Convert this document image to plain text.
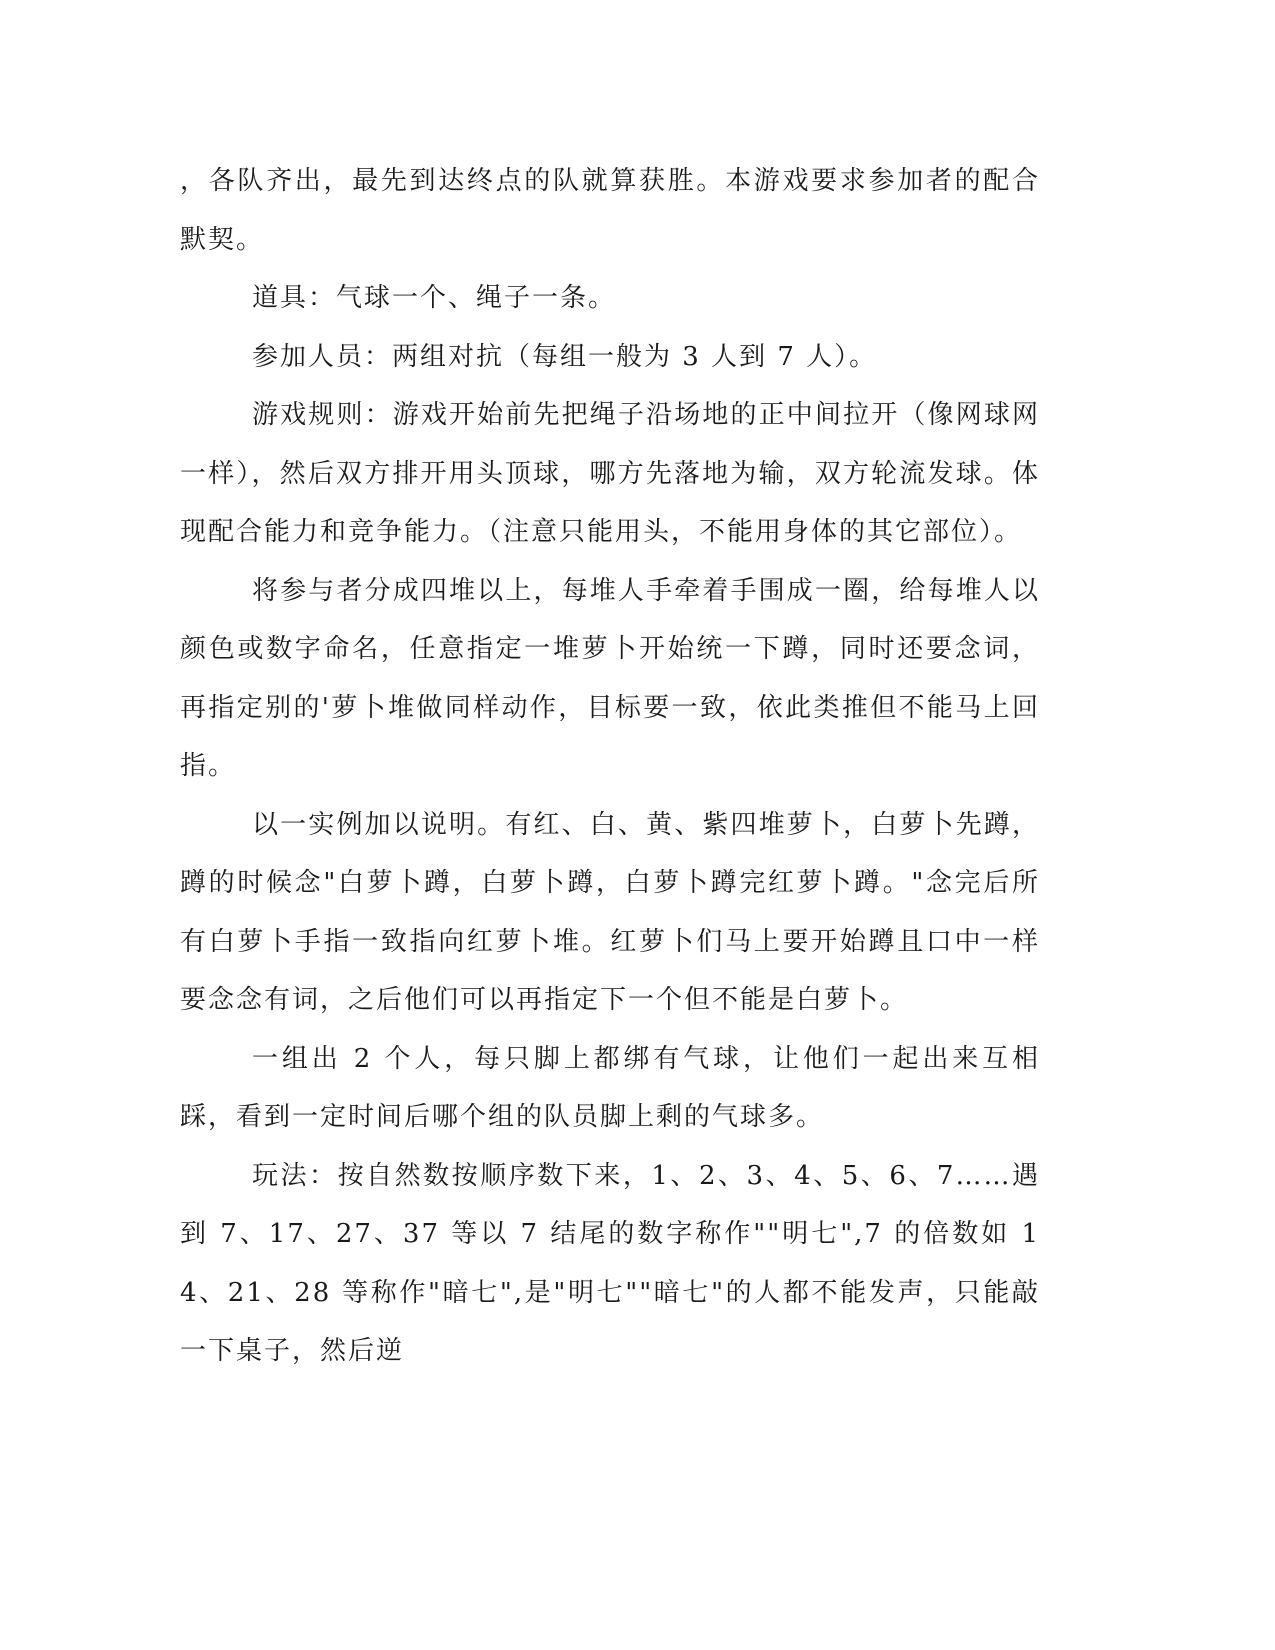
，各队齐出，最先到达终点的队就算获胜。本游戏要求参加者的配合默契。

道具：气球一个、绳子一条。

参加人员：两组对抗（每组一般为 3 人到 7 人）。

游戏规则：游戏开始前先把绳子沿场地的正中间拉开（像网球网一样），然后双方排开用头顶球，哪方先落地为输，双方轮流发球。体现配合能力和竞争能力。（注意只能用头，不能用身体的其它部位）。

将参与者分成四堆以上，每堆人手牵着手围成一圈，给每堆人以颜色或数字命名，任意指定一堆萝卜开始统一下蹲，同时还要念词，再指定别的'萝卜堆做同样动作，目标要一致，依此类推但不能马上回指。

以一实例加以说明。有红、白、黄、紫四堆萝卜，白萝卜先蹲，蹲的时候念"白萝卜蹲，白萝卜蹲，白萝卜蹲完红萝卜蹲。"念完后所有白萝卜手指一致指向红萝卜堆。红萝卜们马上要开始蹲且口中一样要念念有词，之后他们可以再指定下一个但不能是白萝卜。

一组出 2 个人，每只脚上都绑有气球，让他们一起出来互相踩，看到一定时间后哪个组的队员脚上剩的气球多。

玩法：按自然数按顺序数下来，1、2、3、4、5、6、7……遇到 7、17、27、37 等以 7 结尾的数字称作""明七",7 的倍数如 14、21、28 等称作"暗七",是"明七""暗七"的人都不能发声，只能敲一下桌子，然后逆
